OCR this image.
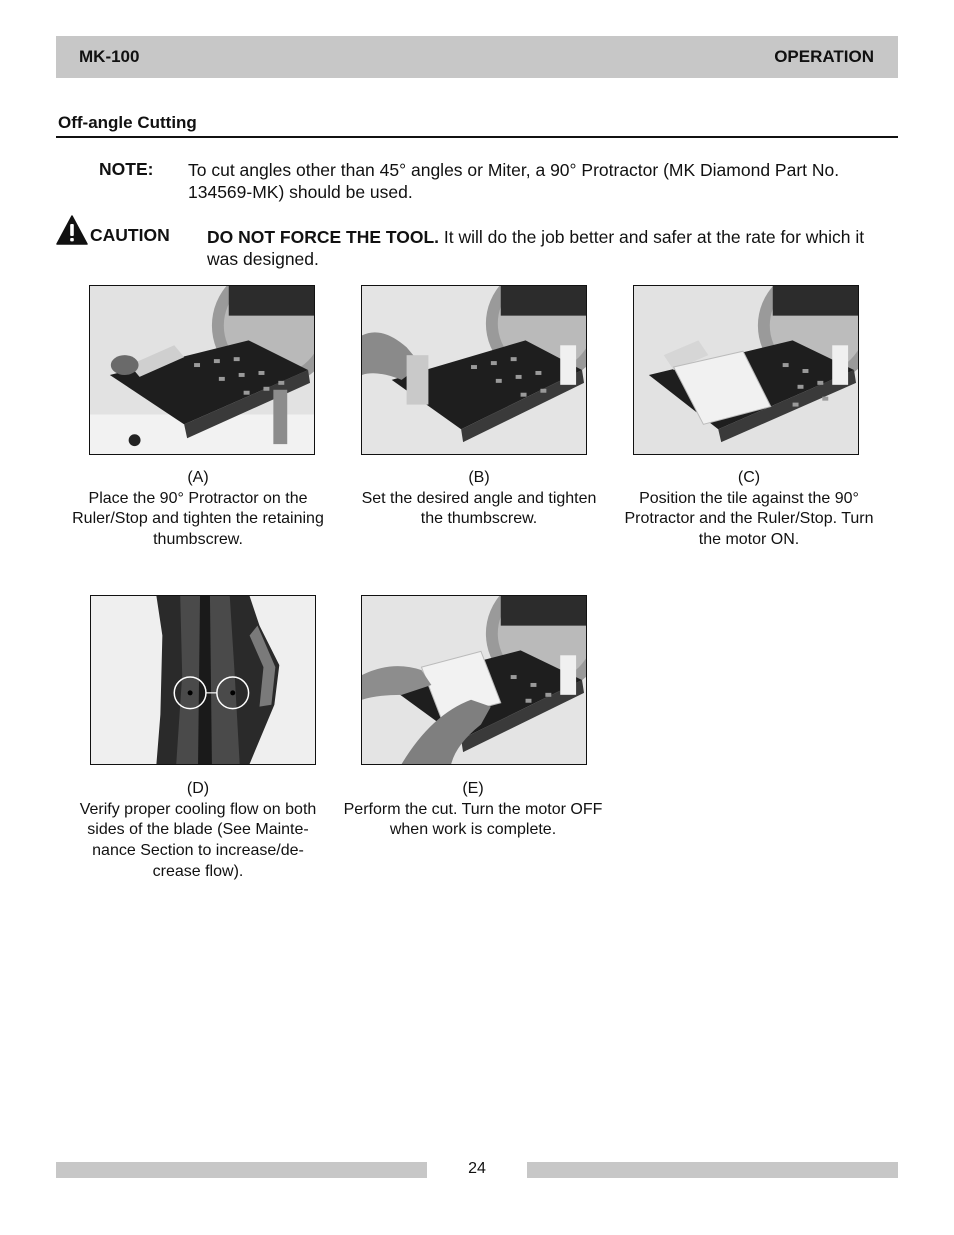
MK-100	OPERATION
Off-angle Cutting
NOTE: To cut angles other than 45° angles or Miter, a 90° Protractor (MK Diamond Part No. 134569-MK) should be used.
CAUTION DO NOT FORCE THE TOOL. It will do the job better and safer at the rate for which it was designed.
(A)
Place the 90° Protractor on the Ruler/Stop and tighten the retaining thumbscrew.
(B)
Set the desired angle and tighten the thumbscrew.
(C)
Position the tile against the 90° Protractor and the Ruler/Stop. Turn the motor ON.
(D)
Verify proper cooling flow on both sides of the blade (See Mainte- nance Section to increase/de- crease flow).
(E)
Perform the cut. Turn the motor OFF when work is complete.
24
